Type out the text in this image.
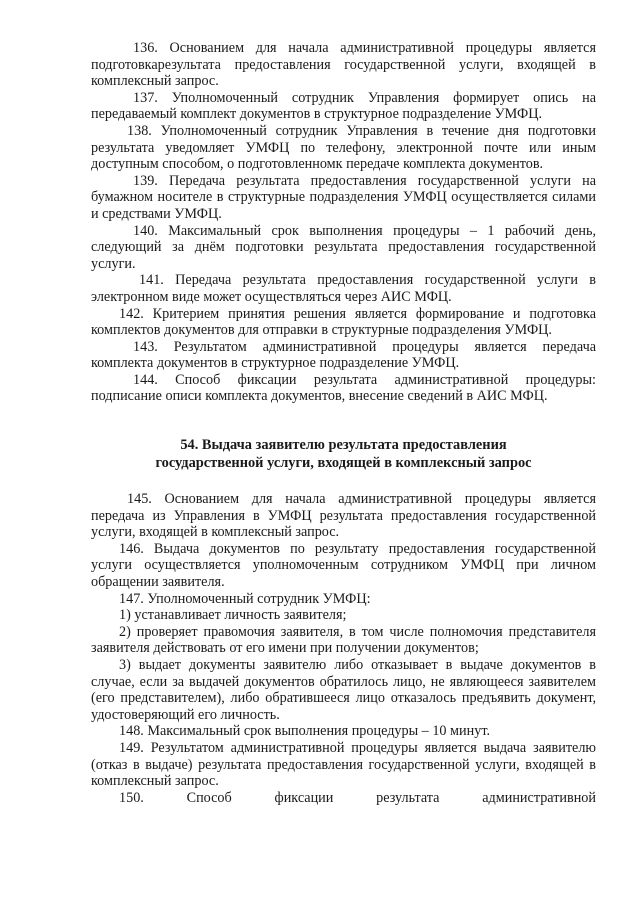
136. Основанием для начала административной процедуры является подготовкарезультата предоставления государственной услуги, входящей в комплексный запрос.

137. Уполномоченный сотрудник Управления формирует опись на передаваемый комплект документов в структурное подразделение УМФЦ.

138. Уполномоченный сотрудник Управления в течение дня подготовки результата уведомляет УМФЦ по телефону, электронной почте или иным доступным способом, о подготовленномк передаче комплекта документов.

139. Передача результата предоставления государственной услуги на бумажном носителе в структурные подразделения УМФЦ осуществляется силами и средствами УМФЦ.

140. Максимальный срок выполнения процедуры – 1 рабочий день, следующий за днём подготовки результата предоставления государственной услуги.

141. Передача результата предоставления государственной услуги в электронном виде может осуществляться через АИС МФЦ.

142. Критерием принятия решения является формирование и подготовка комплектов документов для отправки в структурные подразделения УМФЦ.

143. Результатом административной процедуры является передача комплекта документов в структурное подразделение УМФЦ.

144. Способ фиксации результата административной процедуры: подписание описи комплекта документов, внесение сведений в АИС МФЦ.

54. Выдача заявителю результата предоставления
государственной услуги, входящей в комплексный запрос

145. Основанием для начала административной процедуры является передача из Управления в УМФЦ результата предоставления государственной услуги, входящей в комплексный запрос.

146. Выдача документов по результату предоставления государственной услуги осуществляется уполномоченным сотрудником УМФЦ при личном обращении заявителя.

147. Уполномоченный сотрудник УМФЦ:

1) устанавливает личность заявителя;

2) проверяет правомочия заявителя, в том числе полномочия представителя заявителя действовать от его имени при получении документов;

3) выдает документы заявителю либо отказывает в выдаче документов в случае, если за выдачей документов обратилось лицо, не являющееся заявителем (его представителем), либо обратившееся лицо отказалось предъявить документ, удостоверяющий его личность.

148. Максимальный срок выполнения процедуры – 10 минут.

149. Результатом административной процедуры является выдача заявителю (отказ в выдаче) результата предоставления государственной услуги, входящей в комплексный запрос.

150. Способ фиксации результата административной
